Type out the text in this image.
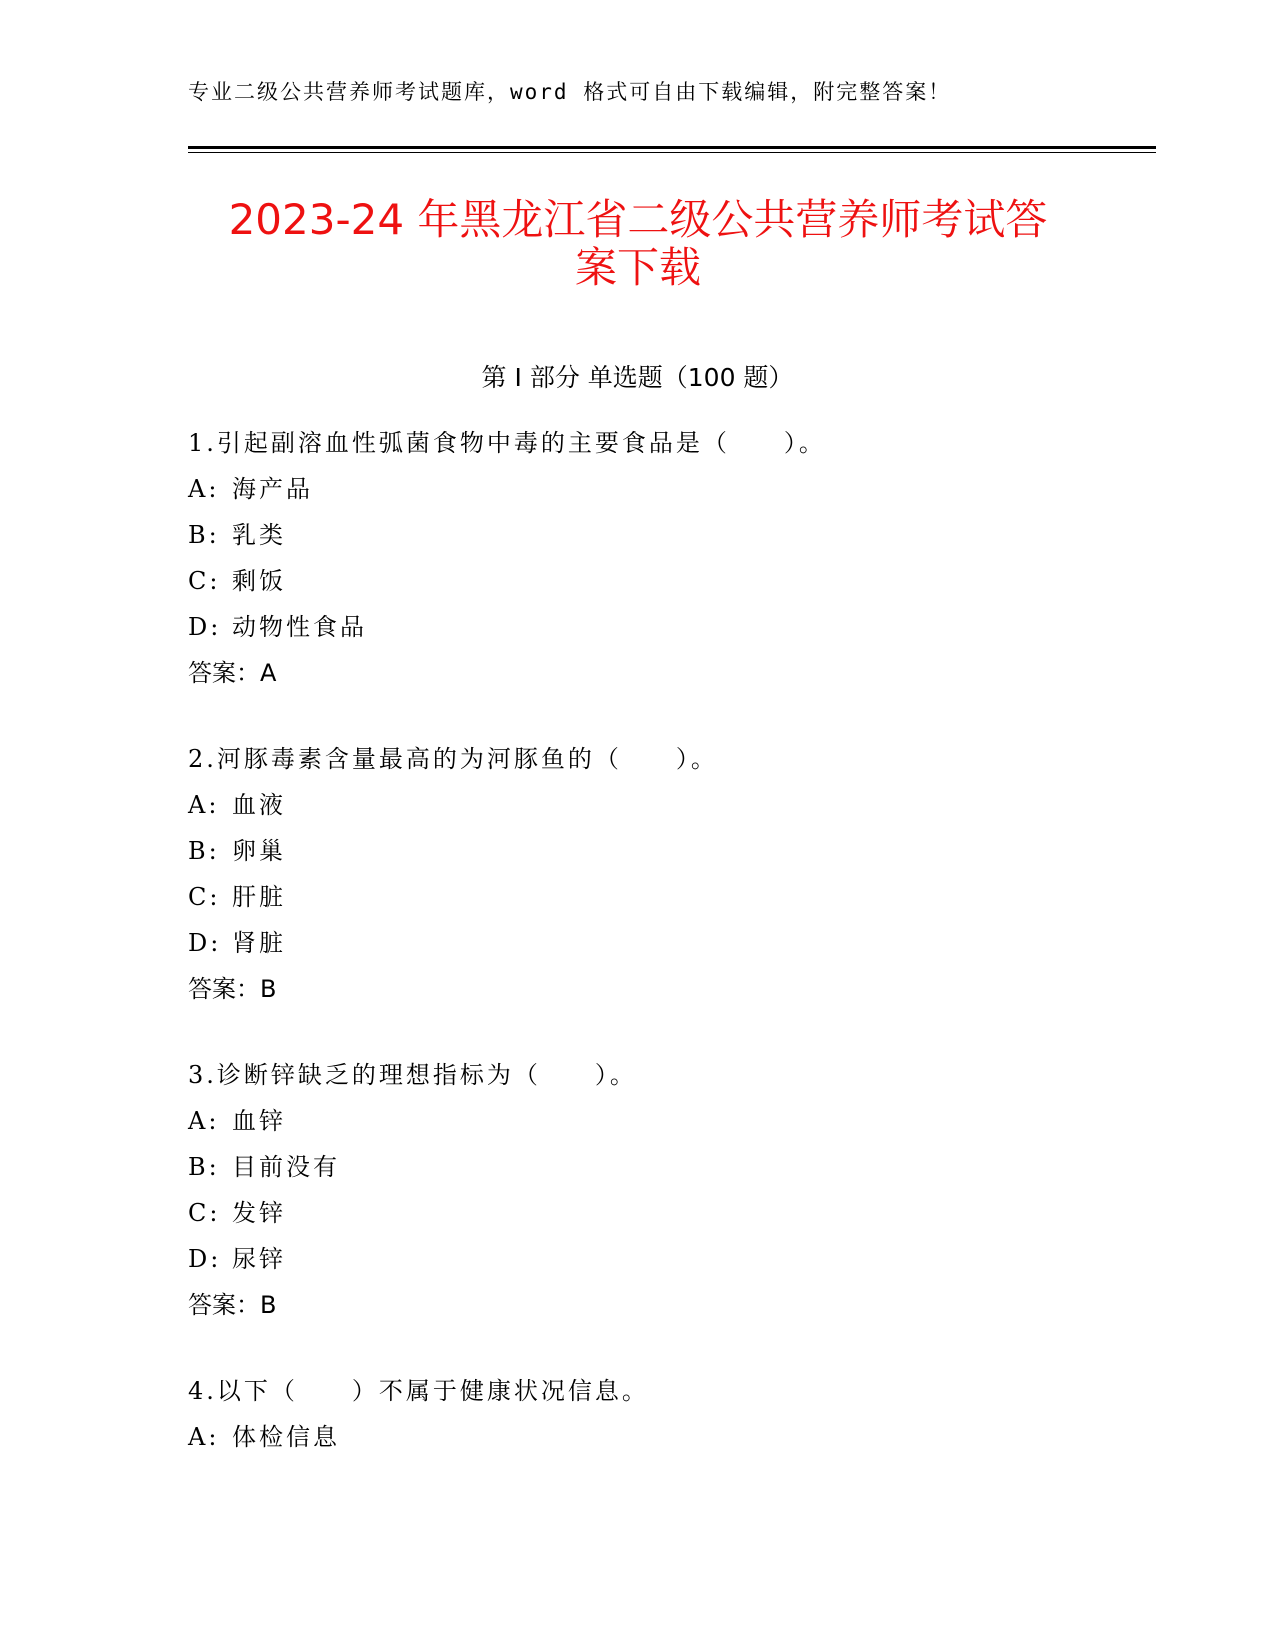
专业二级公共营养师考试题库，word 格式可自由下载编辑，附完整答案！
2023-24 年黑龙江省二级公共营养师考试答
案下载
第 I 部分 单选题（100 题）
1.引起副溶血性弧菌食物中毒的主要食品是（　　）。
A: 海产品
B: 乳类
C: 剩饭
D: 动物性食品
答案：A
2.河豚毒素含量最高的为河豚鱼的（　　）。
A: 血液
B: 卵巢
C: 肝脏
D: 肾脏
答案：B
3.诊断锌缺乏的理想指标为（　　）。
A: 血锌
B: 目前没有
C: 发锌
D: 尿锌
答案：B
4.以下（　　）不属于健康状况信息。
A: 体检信息
